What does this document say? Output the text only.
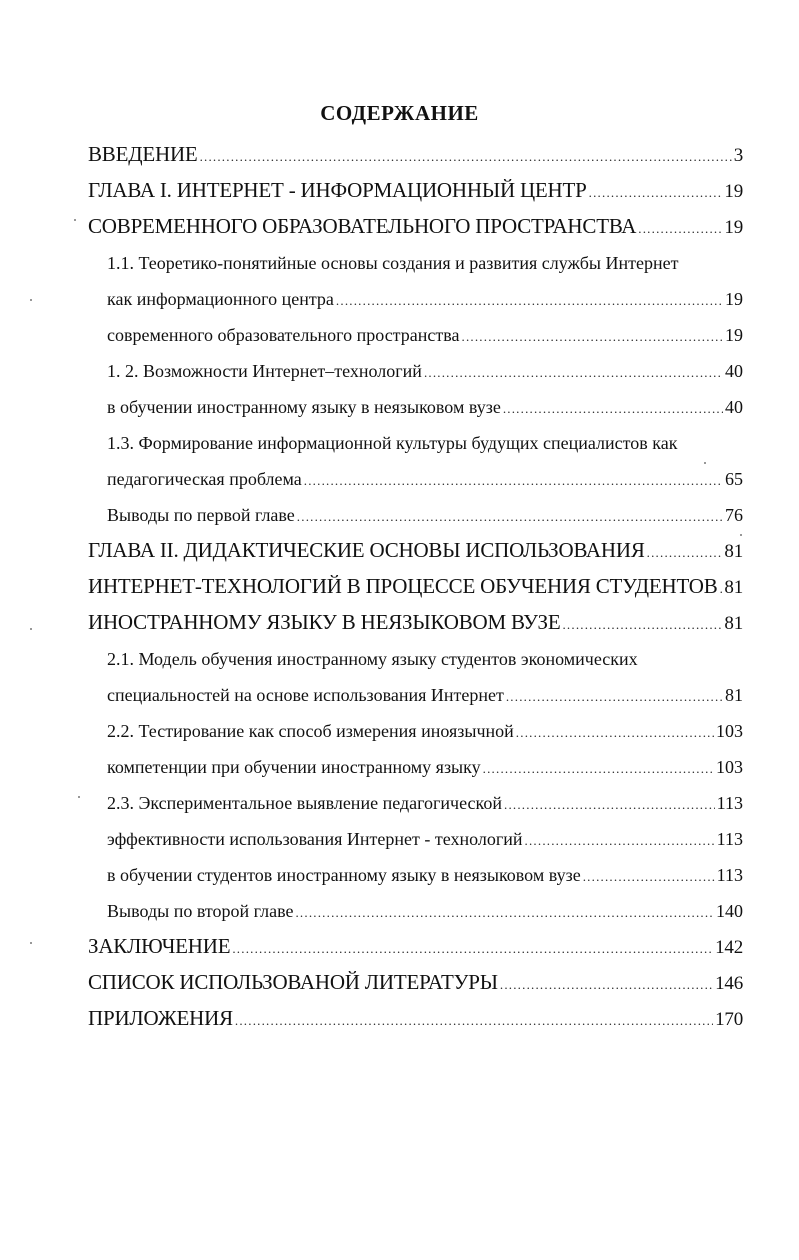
СОДЕРЖАНИЕ
ВВЕДЕНИЕ .....	3
ГЛАВА I. ИНТЕРНЕТ - ИНФОРМАЦИОННЫЙ ЦЕНТР .....	19
СОВРЕМЕННОГО ОБРАЗОВАТЕЛЬНОГО ПРОСТРАНСТВА .....	19
1.1. Теоретико-понятийные основы создания и развития службы Интернет
как информационного центра .....	19
современного образовательного пространства .....	19
1. 2. Возможности Интернет–технологий .....	40
в обучении иностранному языку в неязыковом вузе .....	40
1.3. Формирование информационной культуры будущих специалистов как
педагогическая проблема .....	65
Выводы по первой главе .....	76
ГЛАВА II. ДИДАКТИЧЕСКИЕ ОСНОВЫ ИСПОЛЬЗОВАНИЯ .....	81
ИНТЕРНЕТ-ТЕХНОЛОГИЙ В ПРОЦЕССЕ ОБУЧЕНИЯ СТУДЕНТОВ ..... 81
ИНОСТРАННОМУ ЯЗЫКУ В НЕЯЗЫКОВОМ ВУЗЕ .....	81
2.1. Модель обучения иностранному языку студентов экономических
специальностей на основе использования Интернет .....	81
2.2. Тестирование как способ измерения иноязычной .....	103
компетенции при обучении иностранному языку .....	103
2.3. Экспериментальное выявление педагогической .....	113
эффективности использования Интернет - технологий .....	113
в обучении студентов иностранному языку в неязыковом вузе .....	113
Выводы по второй главе .....	140
ЗАКЛЮЧЕНИЕ .....	142
СПИСОК ИСПОЛЬЗОВАНОЙ ЛИТЕРАТУРЫ .....	146
ПРИЛОЖЕНИЯ .....	170
